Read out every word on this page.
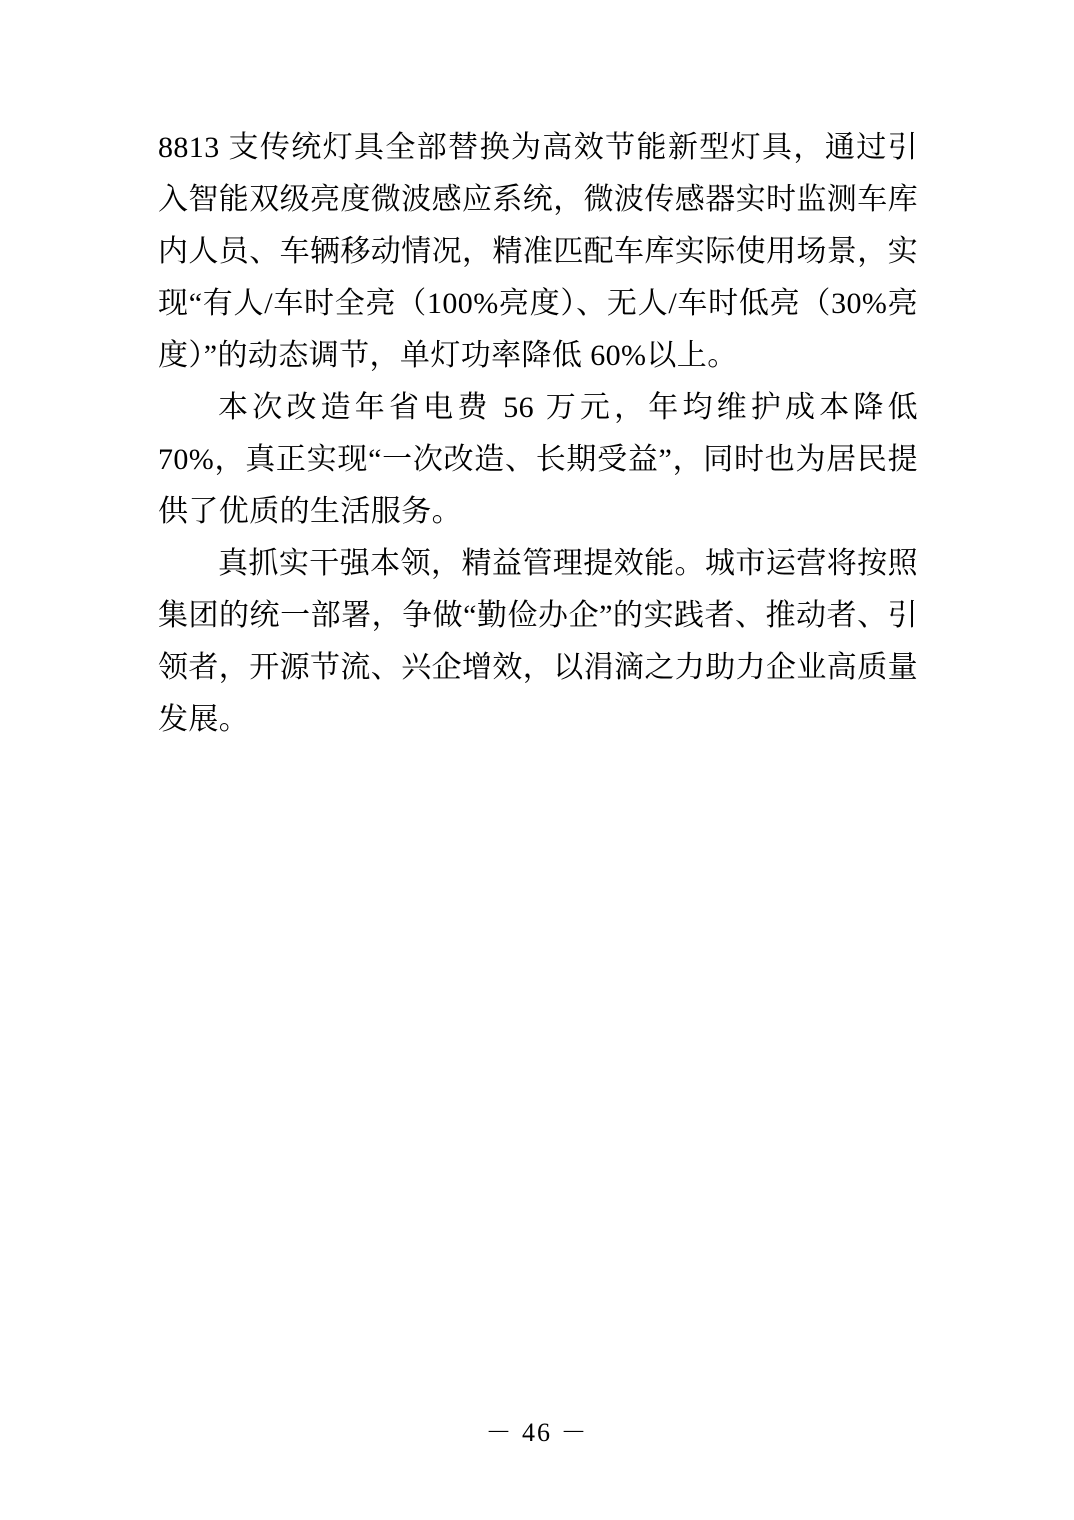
8813 支传统灯具全部替换为高效节能新型灯具，通过引入智能双级亮度微波感应系统，微波传感器实时监测车库内人员、车辆移动情况，精准匹配车库实际使用场景，实现“有人/车时全亮（100%亮度）、无人/车时低亮（30%亮度）”的动态调节，单灯功率降低 60%以上。

本次改造年省电费 56 万元，年均维护成本降低 70%，真正实现“一次改造、长期受益”，同时也为居民提供了优质的生活服务。

真抓实干强本领，精益管理提效能。城市运营将按照集团的统一部署，争做“勤俭办企”的实践者、推动者、引领者，开源节流、兴企增效，以涓滴之力助力企业高质量发展。

－ 46 －
